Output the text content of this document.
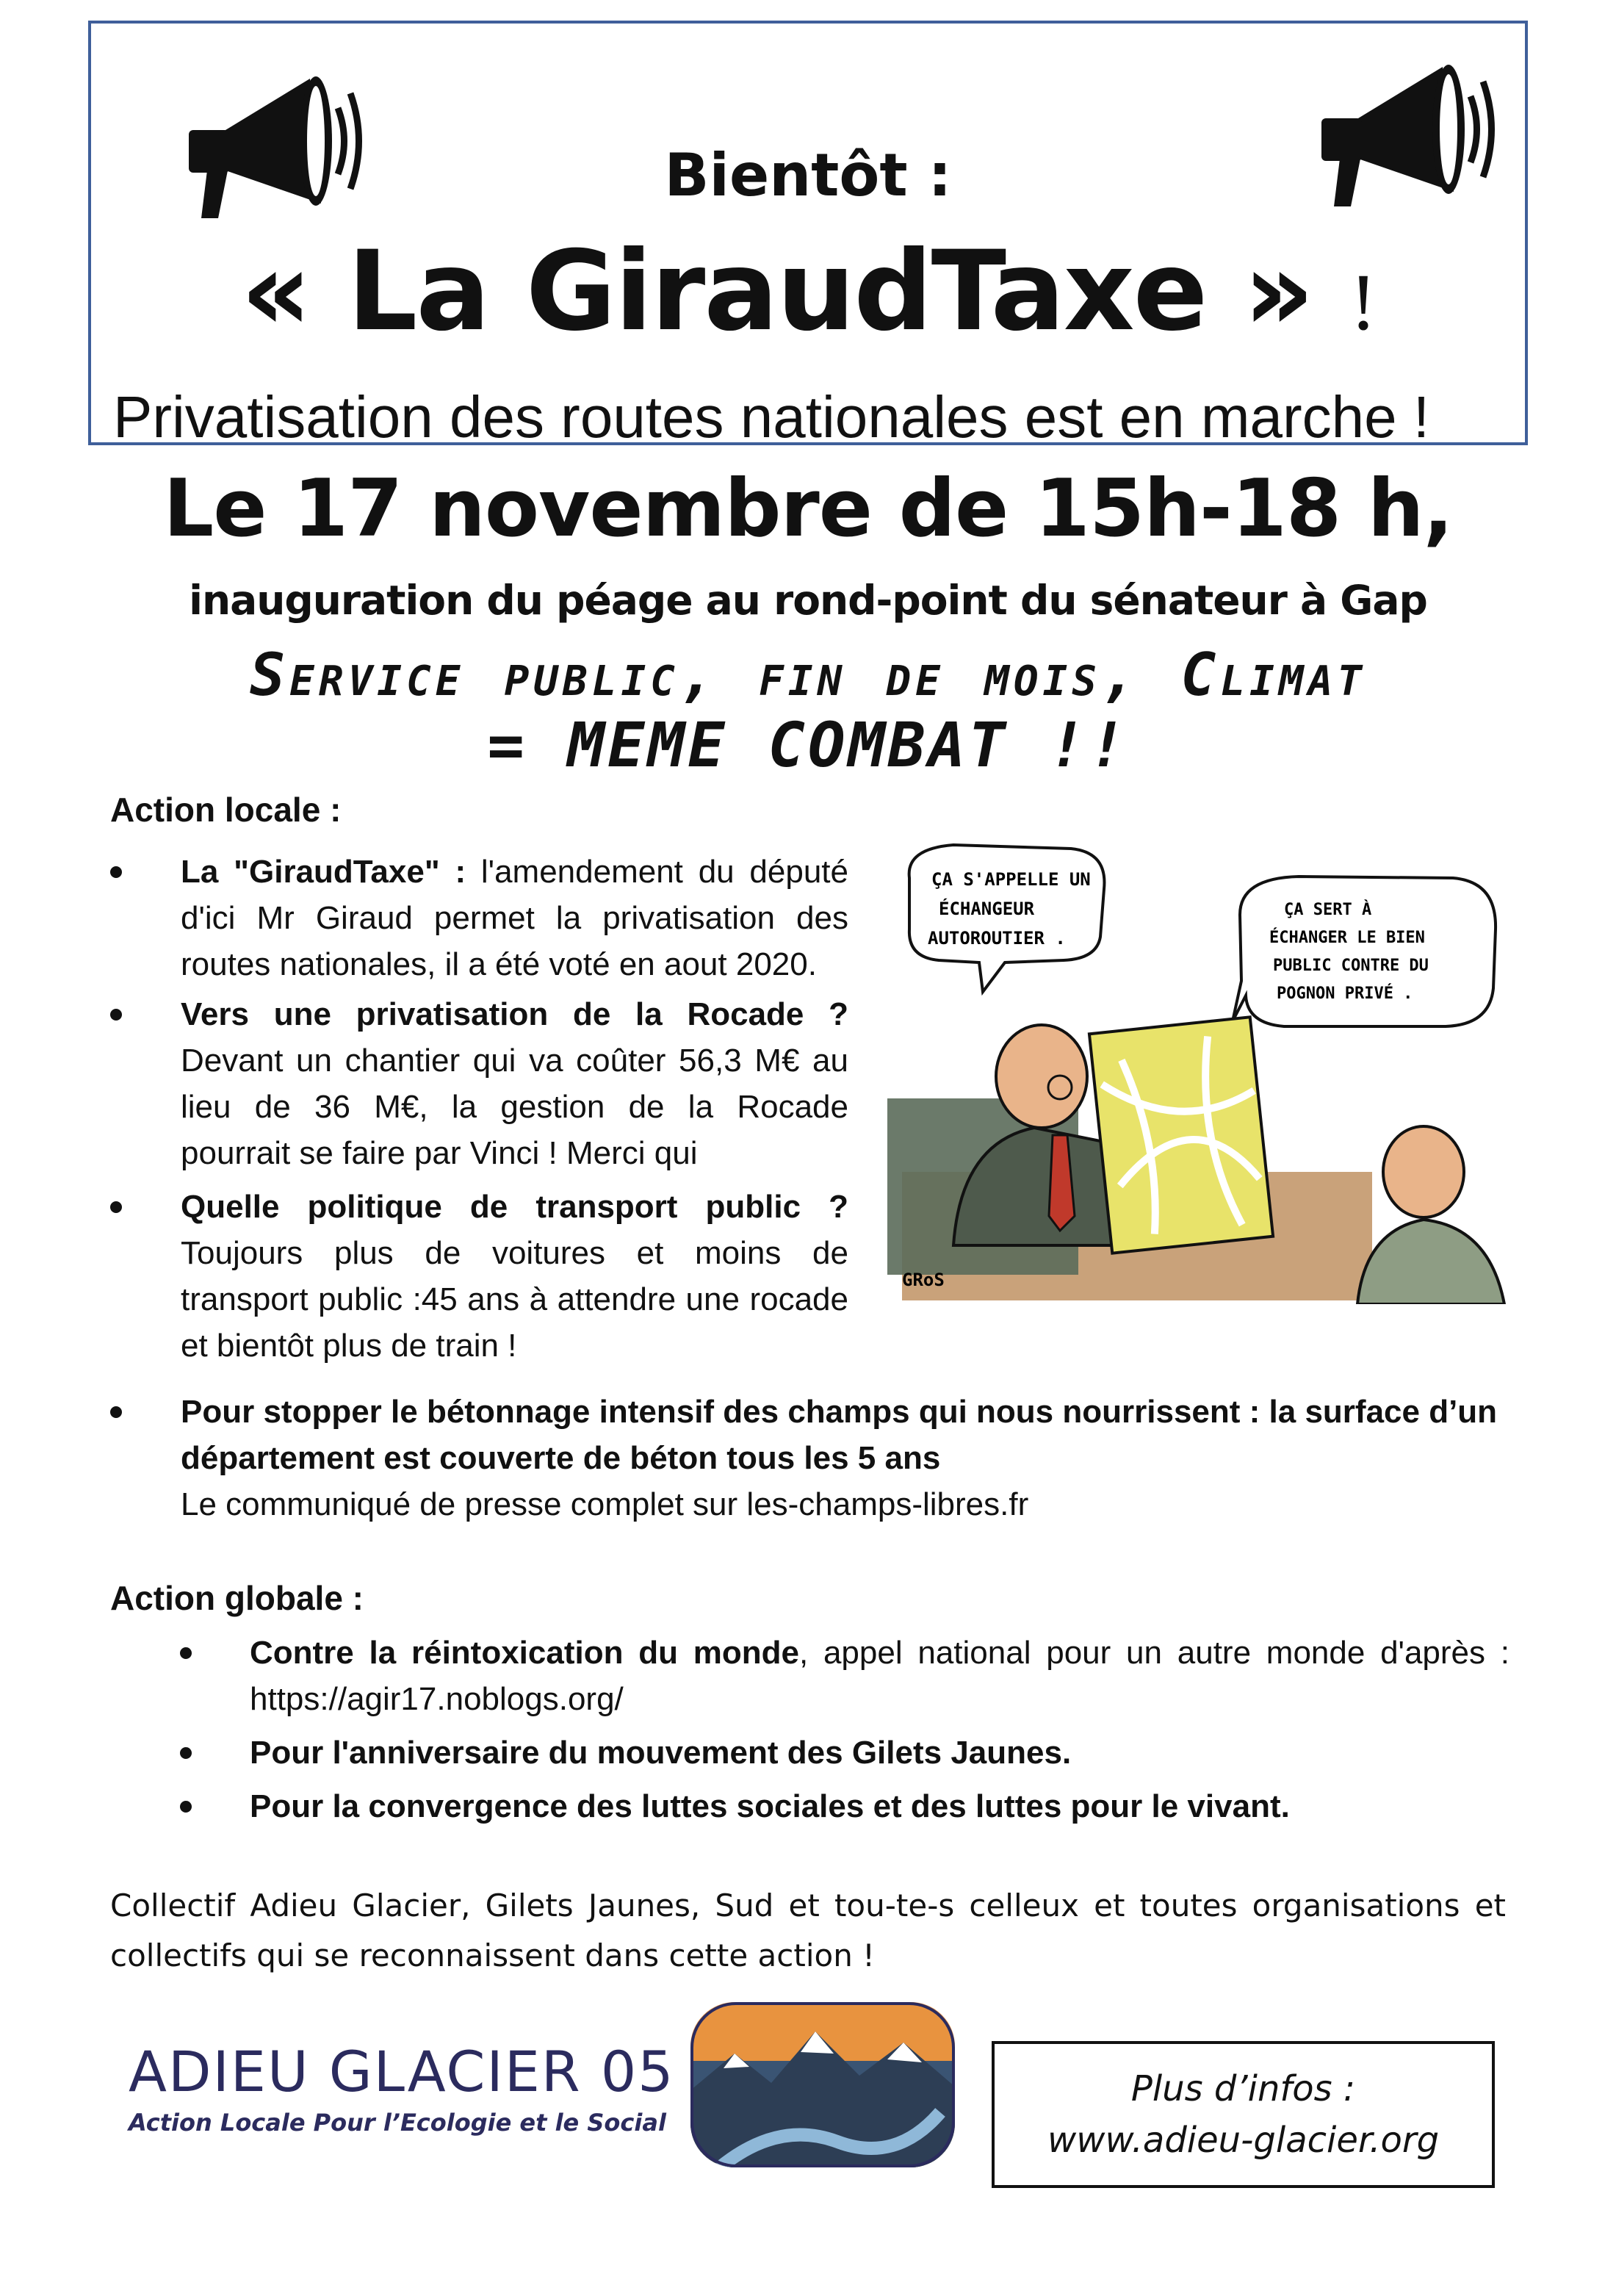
Bientôt :
« La GiraudTaxe » !
Privatisation des routes nationales est en marche !
Le 17 novembre de 15h-18 h,
inauguration du péage au rond-point du sénateur à Gap
Service public, fin de mois, Climat
= MEME COMBAT !!
Action locale :
La "GiraudTaxe" : l'amendement du député d'ici Mr Giraud permet la privatisation des routes nationales, il a été voté en aout 2020.
Vers une privatisation de la Rocade ? Devant un chantier qui va coûter 56,3 M€ au lieu de 36 M€, la gestion de la Rocade pourrait se faire par Vinci ! Merci qui
Quelle politique de transport public ? Toujours plus de voitures et moins de transport public :45 ans à attendre une rocade et bientôt plus de train !
Pour stopper le bétonnage intensif des champs qui nous nourrissent : la surface d’un département est couverte de béton tous les 5 ans
Le communiqué de presse complet sur les-champs-libres.fr
ÇA S'APPELLE UN
ÉCHANGEUR
AUTOROUTIER .
ÇA SERT À
ÉCHANGER LE BIEN
PUBLIC CONTRE DU
POGNON PRIVÉ .
GRoS
Action globale :
Contre la réintoxication du monde, appel national pour un autre monde d'après : https://agir17.noblogs.org/
Pour l'anniversaire du mouvement des Gilets Jaunes.
Pour la convergence des luttes sociales et des luttes pour le vivant.
Collectif Adieu Glacier, Gilets Jaunes, Sud et tou-te-s celleux et toutes organisations et collectifs qui se reconnaissent dans cette action !
ADIEU GLACIER 05
Action Locale Pour l’Ecologie et le Social
Plus d’infos :
www.adieu-glacier.org
